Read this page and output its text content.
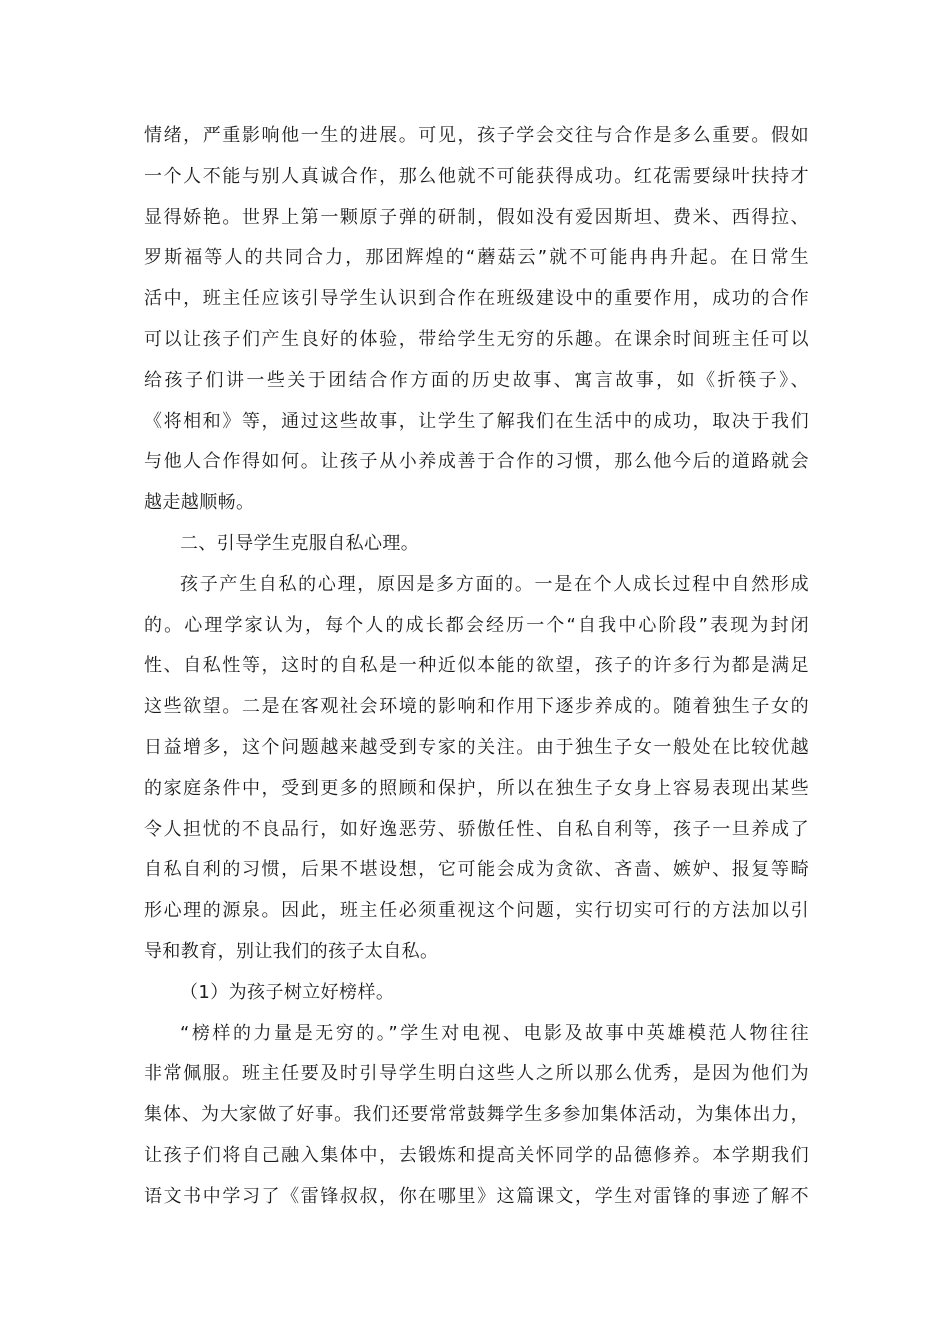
情绪，严重影响他一生的进展。可见，孩子学会交往与合作是多么重要。假如
一个人不能与别人真诚合作，那么他就不可能获得成功。红花需要绿叶扶持才
显得娇艳。世界上第一颗原子弹的研制，假如没有爱因斯坦、费米、西得拉、
罗斯福等人的共同合力，那团辉煌的“蘑菇云”就不可能冉冉升起。在日常生
活中，班主任应该引导学生认识到合作在班级建设中的重要作用，成功的合作
可以让孩子们产生良好的体验，带给学生无穷的乐趣。在课余时间班主任可以
给孩子们讲一些关于团结合作方面的历史故事、寓言故事，如《折筷子》、
《将相和》等，通过这些故事，让学生了解我们在生活中的成功，取决于我们
与他人合作得如何。让孩子从小养成善于合作的习惯，那么他今后的道路就会
越走越顺畅。
二、引导学生克服自私心理。
孩子产生自私的心理，原因是多方面的。一是在个人成长过程中自然形成
的。心理学家认为，每个人的成长都会经历一个“自我中心阶段”表现为封闭
性、自私性等，这时的自私是一种近似本能的欲望，孩子的许多行为都是满足
这些欲望。二是在客观社会环境的影响和作用下逐步养成的。随着独生子女的
日益增多，这个问题越来越受到专家的关注。由于独生子女一般处在比较优越
的家庭条件中，受到更多的照顾和保护，所以在独生子女身上容易表现出某些
令人担忧的不良品行，如好逸恶劳、骄傲任性、自私自利等，孩子一旦养成了
自私自利的习惯，后果不堪设想，它可能会成为贪欲、吝啬、嫉妒、报复等畸
形心理的源泉。因此，班主任必须重视这个问题，实行切实可行的方法加以引
导和教育，别让我们的孩子太自私。
（1）为孩子树立好榜样。
“榜样的力量是无穷的。”学生对电视、电影及故事中英雄模范人物往往
非常佩服。班主任要及时引导学生明白这些人之所以那么优秀，是因为他们为
集体、为大家做了好事。我们还要常常鼓舞学生多参加集体活动，为集体出力，
让孩子们将自己融入集体中，去锻炼和提高关怀同学的品德修养。本学期我们
语文书中学习了《雷锋叔叔，你在哪里》这篇课文，学生对雷锋的事迹了解不
